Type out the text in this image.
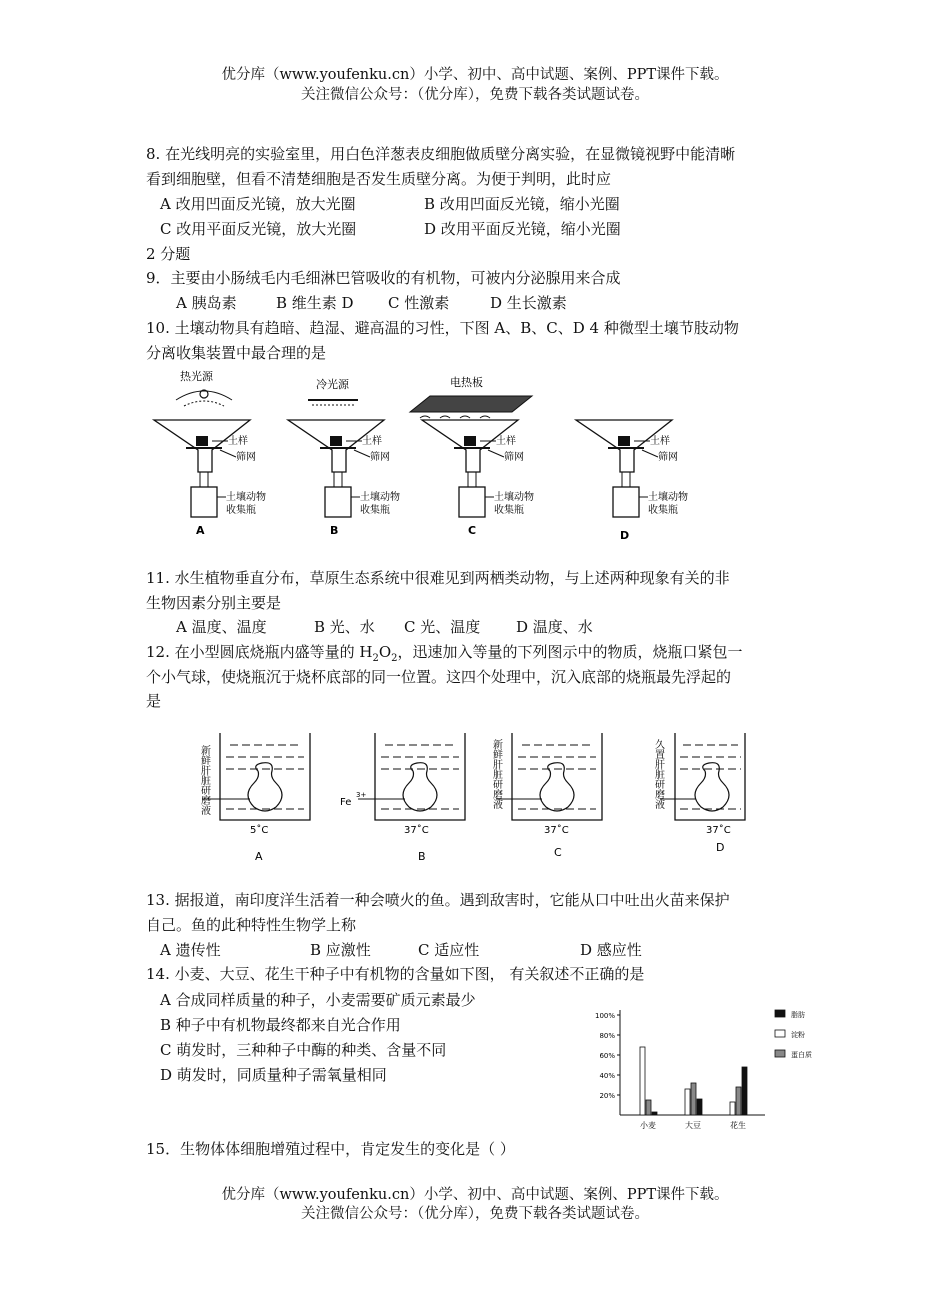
优分库（www.youfenku.cn）小学、初中、高中试题、案例、PPT课件下载。
关注微信公众号：（优分库），免费下载各类试题试卷。
8. 在光线明亮的实验室里，用白色洋葱表皮细胞做质壁分离实验，在显微镜视野中能清晰
看到细胞壁，但看不清楚细胞是否发生质壁分离。为便于判明，此时应
A 改用凹面反光镜，放大光圈	B 改用凹面反光镜，缩小光圈
C 改用平面反光镜，放大光圈	D 改用平面反光镜，缩小光圈
2 分题
9．主要由小肠绒毛内毛细淋巴管吸收的有机物，可被内分泌腺用来合成
A 胰岛素	B 维生素 D C 性激素	D 生长激素
10. 土壤动物具有趋暗、趋湿、避高温的习性，下图 A、B、C、D 4 种微型土壤节肢动物
分离收集装置中最合理的是
热光源
A
土样
筛网
土壤动物
收集瓶
冷光源
B
土样
筛网
土壤动物
收集瓶
电热板
C
土样
筛网
土壤动物
收集瓶
D
土样
筛网
土壤动物
收集瓶
11. 水生植物垂直分布，草原生态系统中很难见到两栖类动物，与上述两种现象有关的非
生物因素分别主要是
A 温度、温度	B 光、水 C 光、温度 D 温度、水
12. 在小型圆底烧瓶内盛等量的 $H_2O_2$，迅速加入等量的下列图示中的物质，烧瓶口紧包一
个小气球，使烧瓶沉于烧杯底部的同一位置。这四个处理中，沉入底部的烧瓶最先浮起的
是
新鲜肝脏研磨液
5˚C
A
Fe
3+
37˚C
B
新鲜肝脏研磨液
37˚C
C
久置肝脏研磨液
37˚C
D
13. 据报道，南印度洋生活着一种会喷火的鱼。遇到敌害时，它能从口中吐出火苗来保护
自己。鱼的此种特性生物学上称
A 遗传性	B 应激性	C 适应性	D 感应性
14. 小麦、大豆、花生干种子中有机物的含量如下图， 有关叙述不正确的是
A 合成同样质量的种子，小麦需要矿质元素最少
B 种子中有机物最终都来自光合作用
C 萌发时，三种种子中酶的种类、含量不同
D 萌发时，同质量种子需氧量相同
20%
40%
60%
80%
100%
小麦	大豆	花生
脂肪
淀粉
蛋白质
15．生物体体细胞增殖过程中，肯定发生的变化是（ ）
优分库（www.youfenku.cn）小学、初中、高中试题、案例、PPT课件下载。
关注微信公众号：（优分库），免费下载各类试题试卷。
